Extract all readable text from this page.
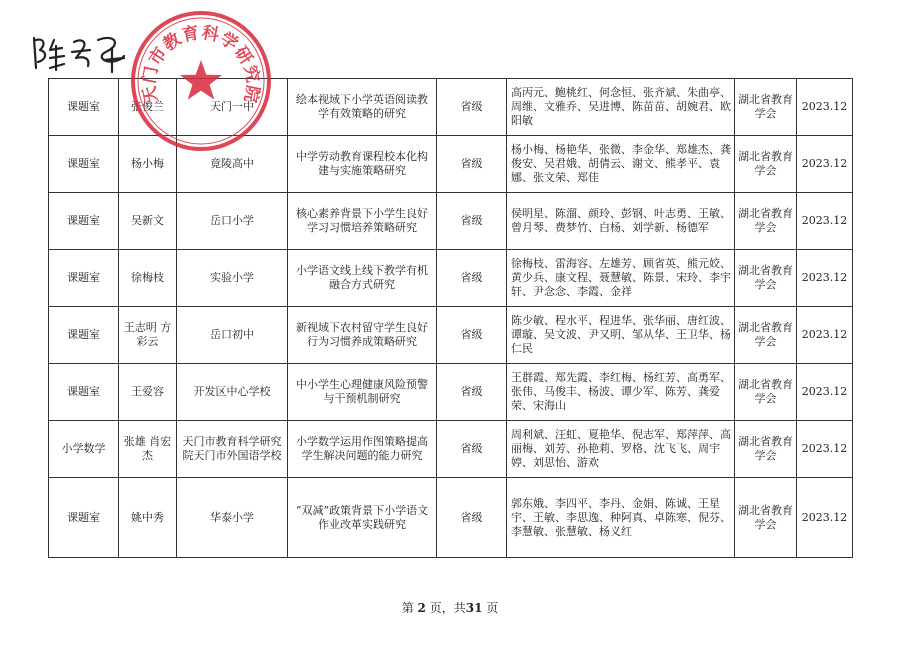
天门市教育科学研究院
课题室	张俊兰	天门一中	绘本视域下小学英语阅读教学有效策略的研究	省级	高丙元、鲍桃红、何念恒、张齐斌、朱曲亭、周维、文雅乔、吴进博、陈苗苗、胡婉君、欧阳敏	湖北省教育学会	2023.12
课题室	杨小梅	竟陵高中	中学劳动教育课程校本化构建与实施策略研究	省级	杨小梅、杨艳华、张微、李金华、郑雄杰、龚俊安、吴君娥、胡倩云、谢文、熊孝平、袁娜、张文荣、郑佳	湖北省教育学会	2023.12
课题室	吴新文	岳口小学	核心素养背景下小学生良好学习习惯培养策略研究	省级	侯明星、陈溜、颜玲、彭钢、叶志勇、王敏、曾月琴、费梦竹、白杨、刘学新、杨德军	湖北省教育学会	2023.12
课题室	徐梅枝	实验小学	小学语文线上线下教学有机融合方式研究	省级	徐梅枝、雷海容、左雄芳、顾省英、熊元姣、黄少兵、康文程、聂慧敏、陈景、宋玲、李宇轩、尹念念、李霞、金祥	湖北省教育学会	2023.12
课题室	王志明 方彩云	岳口初中	新视域下农村留守学生良好行为习惯养成策略研究	省级	陈少敏、程水平、程进华、张华丽、唐红波、谭璇、吴文波、尹又明、邹从华、王卫华、杨仁民	湖北省教育学会	2023.12
课题室	王爱容	开发区中心学校	中小学生心理健康风险预警与干预机制研究	省级	王群霞、郑先霞、李红梅、杨红芳、高勇军、张伟、马俊丰、杨波、谭少军、陈芳、龚爱荣、宋海山	湖北省教育学会	2023.12
小学数学	张雄 肖宏杰	天门市教育科学研究院天门市外国语学校	小学数学运用作图策略提高学生解决问题的能力研究	省级	周利斌、汪虹、夏艳华、倪志军、郑萍萍、高丽梅、刘芳、孙艳莉、罗格、沈飞飞、周宇婷、刘思怡、游欢	湖北省教育学会	2023.12
课题室	姚中秀	华泰小学	“双减”政策背景下小学语文作业改革实践研究	省级	郭东娥、李四平、李丹、金娟、陈诚、王星宇、王敏、李思逸、种阿真、卓陈寒、倪芬、李慧敏、张慧敏、杨义红	湖北省教育学会	2023.12
第 2 页，共31 页
